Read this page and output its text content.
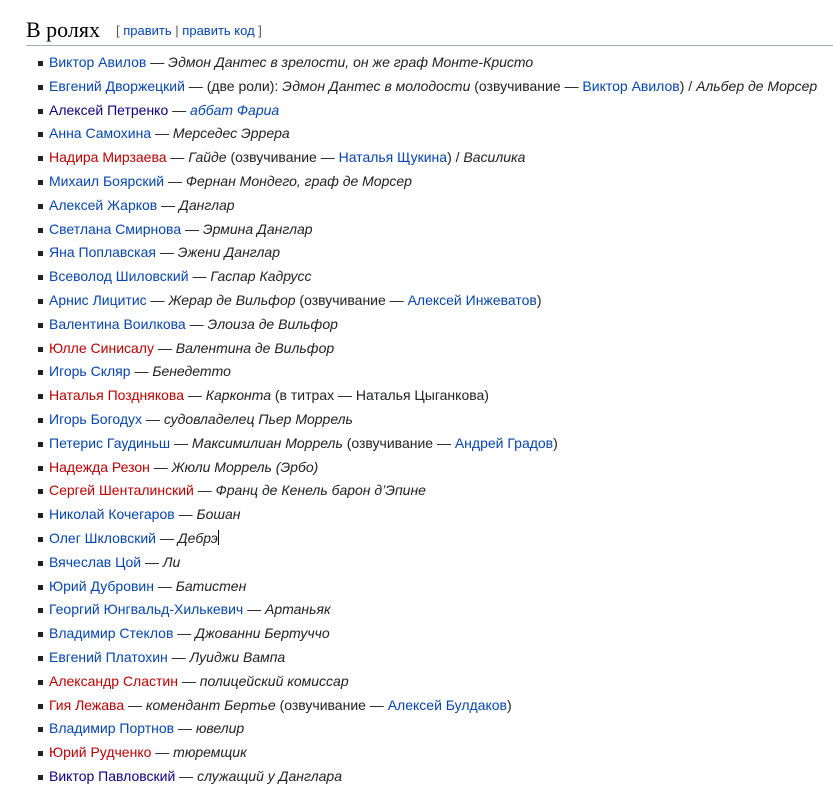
В ролях [ править | править код ]
Виктор Авилов — Эдмон Дантес в зрелости, он же граф Монте-Кристо
Евгений Дворжецкий — (две роли): Эдмон Дантес в молодости (озвучивание — Виктор Авилов) / Альбер де Морсер
Алексей Петренко — аббат Фариа
Анна Самохина — Мерседес Эррера
Надира Мирзаева — Гайде (озвучивание — Наталья Щукина) / Василика
Михаил Боярский — Фернан Мондего, граф де Морсер
Алексей Жарков — Данглар
Светлана Смирнова — Эрмина Данглар
Яна Поплавская — Эжени Данглар
Всеволод Шиловский — Гаспар Кадрусс
Арнис Лицитис — Жерар де Вильфор (озвучивание — Алексей Инжеватов)
Валентина Воилкова — Элоиза де Вильфор
Юлле Синисалу — Валентина де Вильфор
Игорь Скляр — Бенедетто
Наталья Позднякова — Карконта (в титрах — Наталья Цыганкова)
Игорь Богодух — судовладелец Пьер Моррель
Петерис Гаудиньш — Максимилиан Моррель (озвучивание — Андрей Градов)
Надежда Резон — Жюли Моррель (Эрбо)
Сергей Шенталинский — Франц де Кенель барон д’Эпине
Николай Кочегаров — Бошан
Олег Шкловский — Дебрэ
Вячеслав Цой — Ли
Юрий Дубровин — Батистен
Георгий Юнгвальд-Хилькевич — Артаньяк
Владимир Стеклов — Джованни Бертуччо
Евгений Платохин — Луиджи Вампа
Александр Сластин — полицейский комиссар
Гия Лежава — комендант Бертье (озвучивание — Алексей Булдаков)
Владимир Портнов — ювелир
Юрий Рудченко — тюремщик
Виктор Павловский — служащий у Данглара
